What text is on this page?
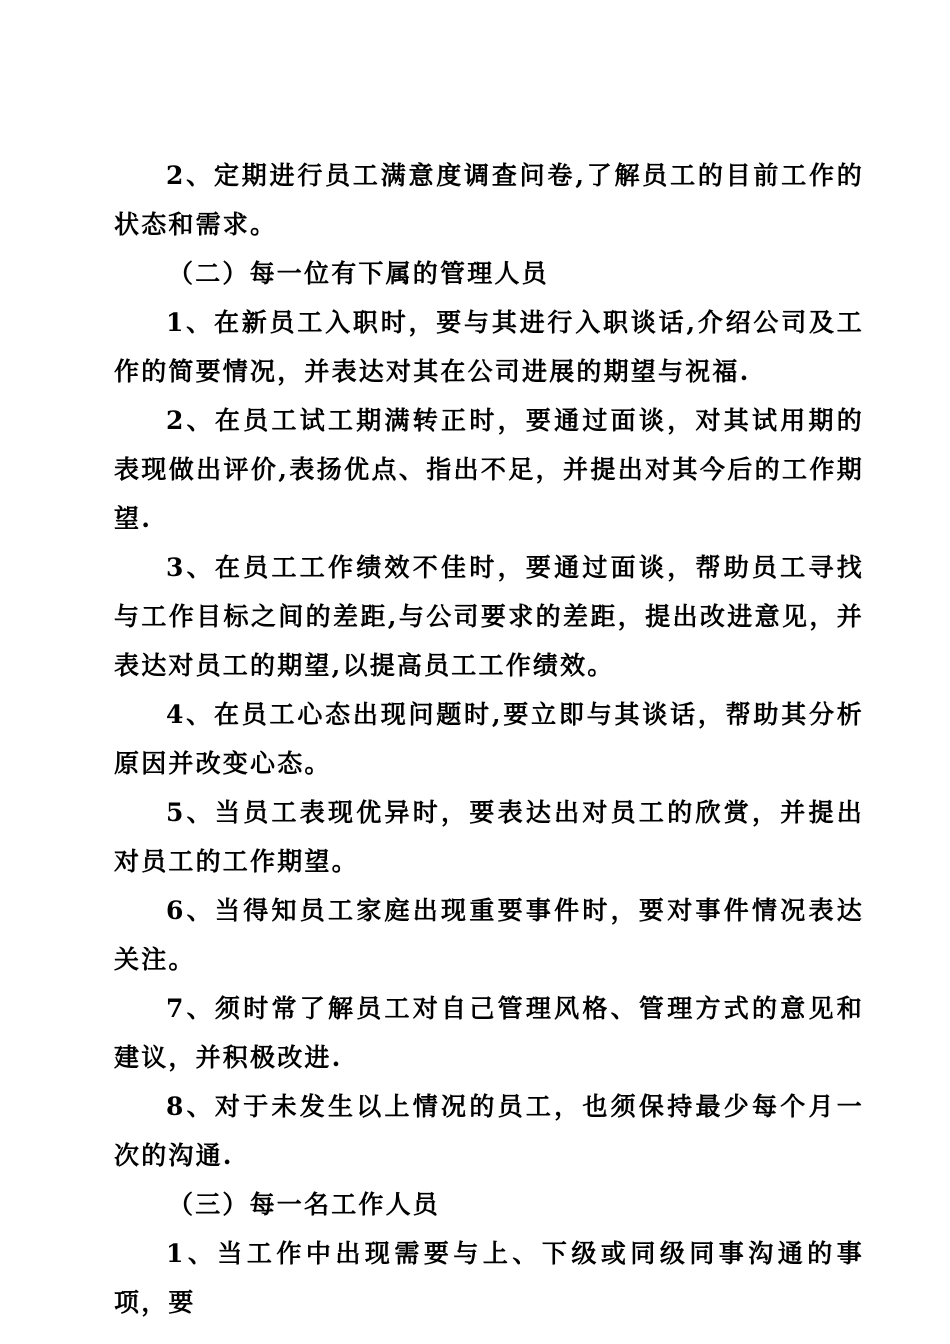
2、定期进行员工满意度调查问卷,了解员工的目前工作的状态和需求。

（二）每一位有下属的管理人员

1、在新员工入职时，要与其进行入职谈话,介绍公司及工作的简要情况，并表达对其在公司进展的期望与祝福.

2、在员工试工期满转正时，要通过面谈，对其试用期的表现做出评价,表扬优点、指出不足，并提出对其今后的工作期望.

3、在员工工作绩效不佳时，要通过面谈，帮助员工寻找与工作目标之间的差距,与公司要求的差距，提出改进意见，并表达对员工的期望,以提高员工工作绩效。

4、在员工心态出现问题时,要立即与其谈话，帮助其分析原因并改变心态。

5、当员工表现优异时，要表达出对员工的欣赏，并提出对员工的工作期望。

6、当得知员工家庭出现重要事件时，要对事件情况表达关注。

7、须时常了解员工对自己管理风格、管理方式的意见和建议，并积极改进.

8、对于未发生以上情况的员工，也须保持最少每个月一次的沟通.

（三）每一名工作人员

1、当工作中出现需要与上、下级或同级同事沟通的事项，要
